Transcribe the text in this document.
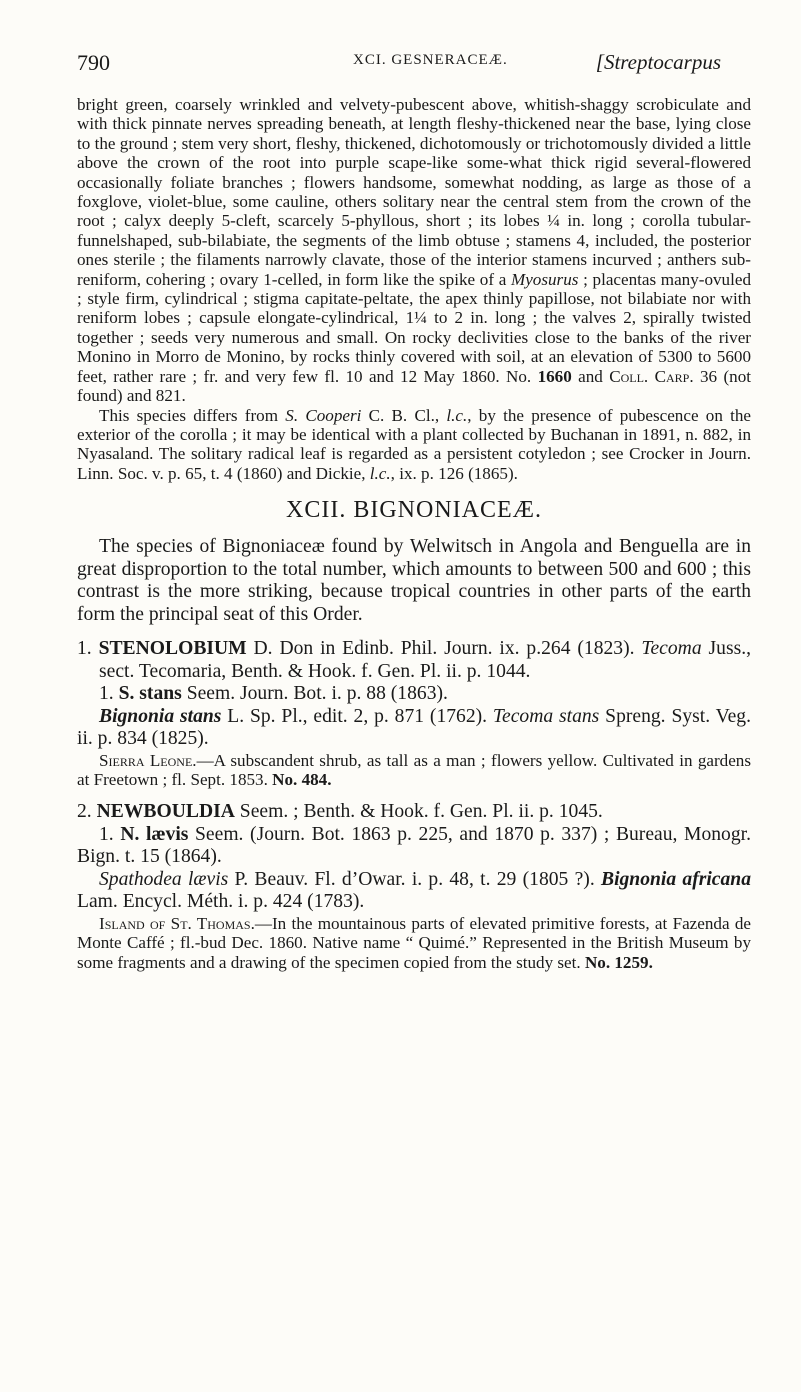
790	XCI. GESNERACEÆ.	[Streptocarpus

bright green, coarsely wrinkled and velvety-pubescent above, whitish-shaggy scrobiculate and with thick pinnate nerves spreading beneath, at length fleshy-thickened near the base, lying close to the ground ; stem very short, fleshy, thickened, dichotomously or trichotomously divided a little above the crown of the root into purple scape-like some-what thick rigid several-flowered occasionally foliate branches ; flowers handsome, somewhat nodding, as large as those of a foxglove, violet-blue, some cauline, others solitary near the central stem from the crown of the root ; calyx deeply 5-cleft, scarcely 5-phyllous, short ; its lobes ¼ in. long ; corolla tubular-funnelshaped, sub-bilabiate, the segments of the limb obtuse ; stamens 4, included, the posterior ones sterile ; the filaments narrowly clavate, those of the interior stamens incurved ; anthers sub-reniform, cohering ; ovary 1-celled, in form like the spike of a Myosurus ; placentas many-ovuled ; style firm, cylindrical ; stigma capitate-peltate, the apex thinly papillose, not bilabiate nor with reniform lobes ; capsule elongate-cylindrical, 1¼ to 2 in. long ; the valves 2, spirally twisted together ; seeds very numerous and small. On rocky declivities close to the banks of the river Monino in Morro de Monino, by rocks thinly covered with soil, at an elevation of 5300 to 5600 feet, rather rare ; fr. and very few fl. 10 and 12 May 1860. No. 1660 and Coll. Carp. 36 (not found) and 821.

This species differs from S. Cooperi C. B. Cl., l.c., by the presence of pubescence on the exterior of the corolla ; it may be identical with a plant collected by Buchanan in 1891, n. 882, in Nyasaland. The solitary radical leaf is regarded as a persistent cotyledon ; see Crocker in Journ. Linn. Soc. v. p. 65, t. 4 (1860) and Dickie, l.c., ix. p. 126 (1865).

XCII. BIGNONIACEÆ.

The species of Bignoniaceæ found by Welwitsch in Angola and Benguella are in great disproportion to the total number, which amounts to between 500 and 600 ; this contrast is the more striking, because tropical countries in other parts of the earth form the principal seat of this Order.

1. STENOLOBIUM D. Don in Edinb. Phil. Journ. ix. p.264 (1823). Tecoma Juss., sect. Tecomaria, Benth. & Hook. f. Gen. Pl. ii. p. 1044.

1. S. stans Seem. Journ. Bot. i. p. 88 (1863).

Bignonia stans L. Sp. Pl., edit. 2, p. 871 (1762). Tecoma stans Spreng. Syst. Veg. ii. p. 834 (1825).

Sierra Leone.—A subscandent shrub, as tall as a man ; flowers yellow. Cultivated in gardens at Freetown ; fl. Sept. 1853. No. 484.

2. NEWBOULDIA Seem. ; Benth. & Hook. f. Gen. Pl. ii. p. 1045.

1. N. lævis Seem. (Journ. Bot. 1863 p. 225, and 1870 p. 337) ; Bureau, Monogr. Bign. t. 15 (1864).

Spathodea lævis P. Beauv. Fl. d’Owar. i. p. 48, t. 29 (1805 ?). Bignonia africana Lam. Encycl. Méth. i. p. 424 (1783).

Island of St. Thomas.—In the mountainous parts of elevated primitive forests, at Fazenda de Monte Caffé ; fl.-bud Dec. 1860. Native name “ Quimé.” Represented in the British Museum by some fragments and a drawing of the specimen copied from the study set. No. 1259.
